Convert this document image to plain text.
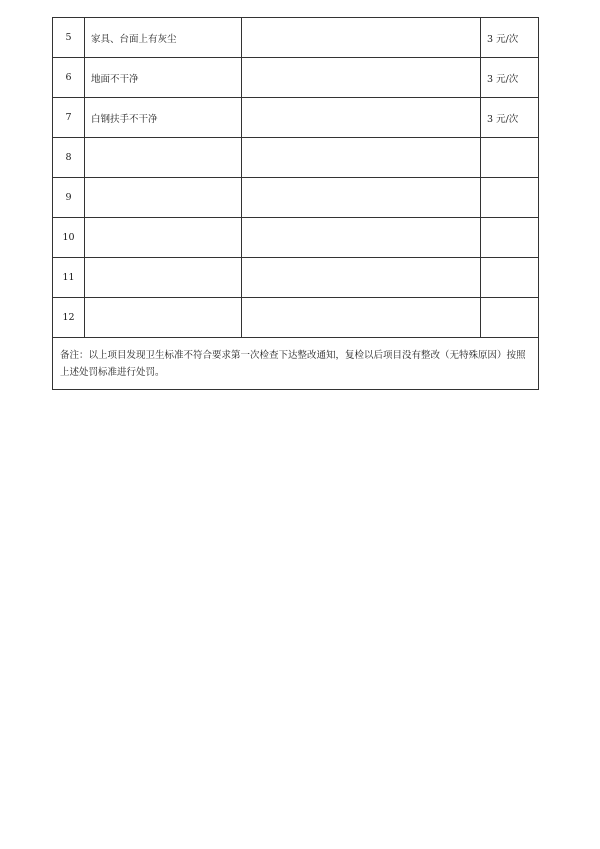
5	家具、台面上有灰尘		3 元/次
6	地面不干净		3 元/次
7	白钢扶手不干净		3 元/次
8			
9			
10			
11			
12			
备注：以上项目发现卫生标准不符合要求第一次检查下达整改通知，复检以后项目没有整改（无特殊原因）按照上述处罚标准进行处罚。			
